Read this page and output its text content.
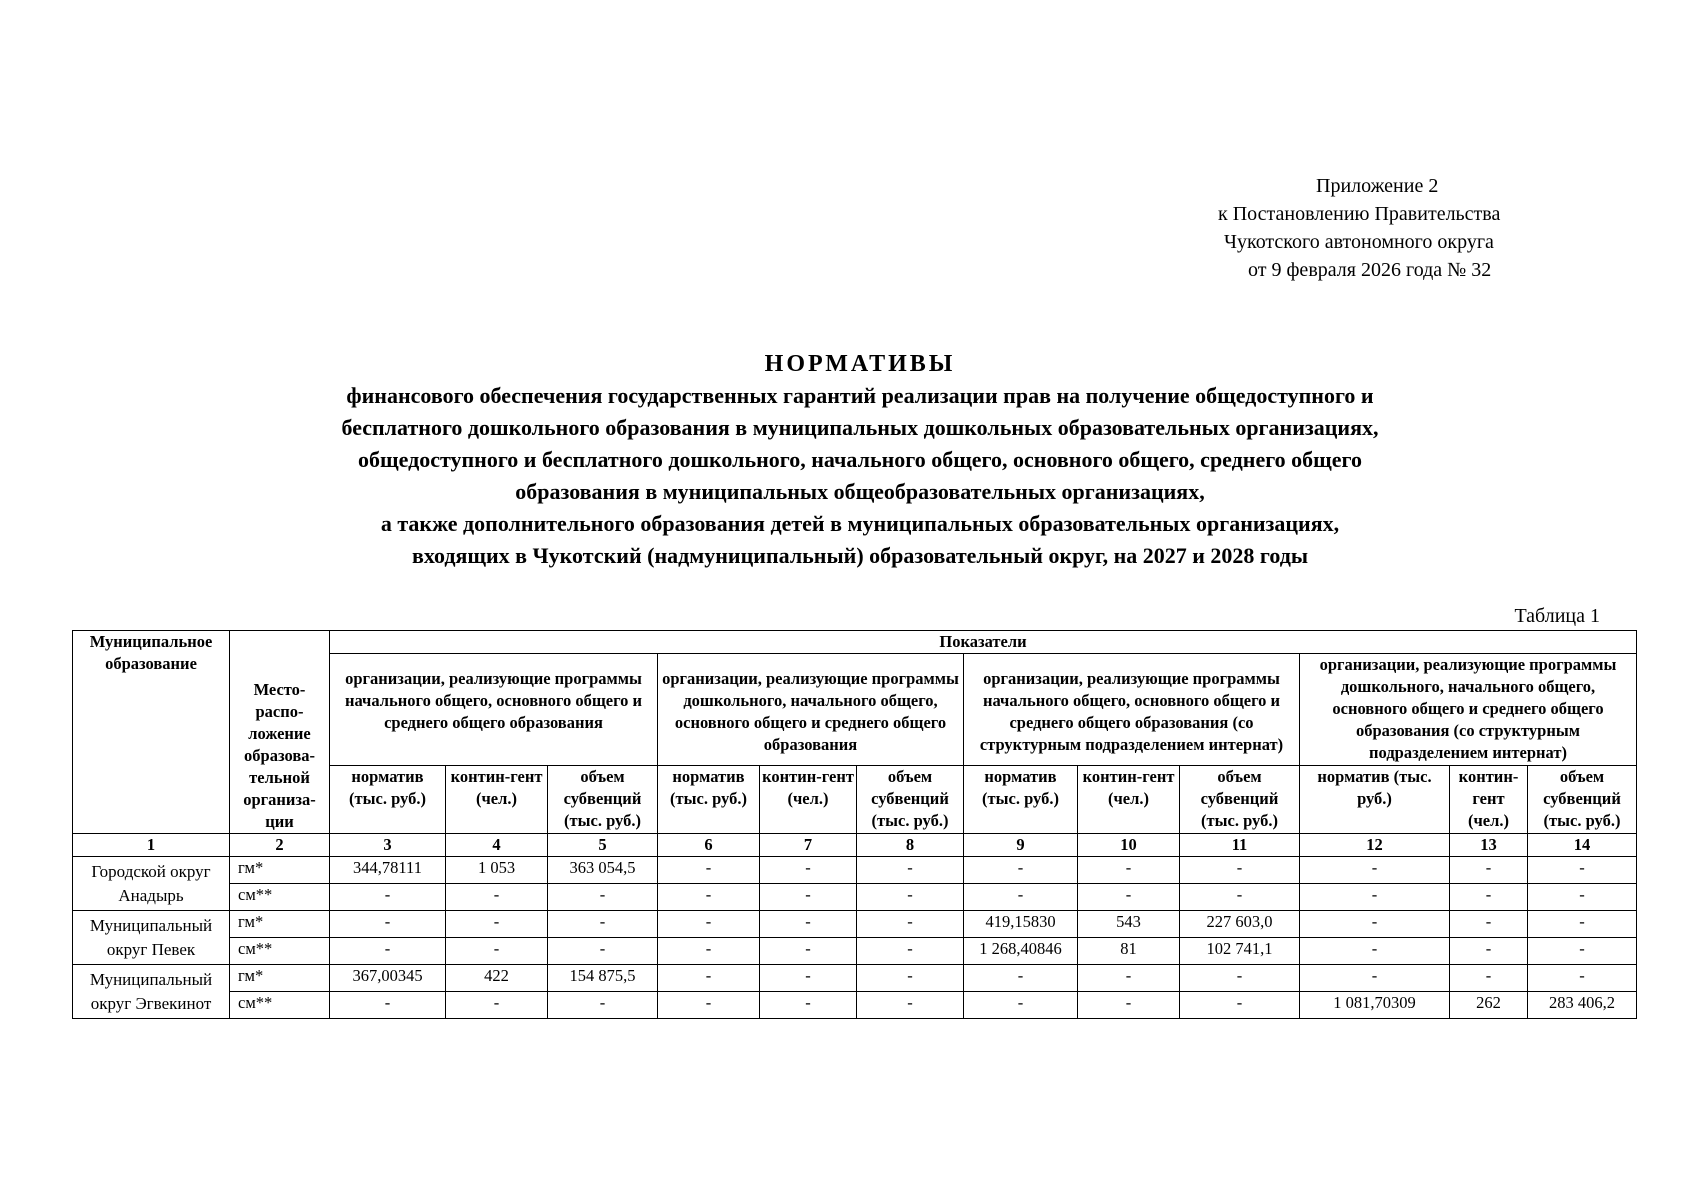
Приложение 2
к Постановлению Правительства
Чукотского автономного округа
от 9 февраля 2026 года № 32
НОРМАТИВЫ
финансового обеспечения государственных гарантий реализации прав на получение общедоступного и
бесплатного дошкольного образования в муниципальных дошкольных образовательных организациях,
общедоступного и бесплатного дошкольного, начального общего, основного общего, среднего общего
образования в муниципальных общеобразовательных организациях,
а также дополнительного образования детей в муниципальных образовательных организациях,
входящих в Чукотский (надмуниципальный) образовательный округ, на 2027 и 2028 годы
Таблица 1
Муниципальное образование	Место-распо-ложение образова-тельной организа-ции	Показатели											
		организации, реализующие программы начального общего, основного общего и среднего общего образования			организации, реализующие программы дошкольного, начального общего, основного общего и среднего общего образования			организации, реализующие программы начального общего, основного общего и среднего общего образования (со структурным подразделением интернат)			организации, реализующие программы дошкольного, начального общего, основного общего и среднего общего образования (со структурным подразделением интернат)		
		норматив (тыс. руб.)	контин-гент (чел.)	объем субвенций (тыс. руб.)	норматив (тыс. руб.)	контин-гент (чел.)	объем субвенций (тыс. руб.)	норматив (тыс. руб.)	контин-гент (чел.)	объем субвенций (тыс. руб.)	норматив (тыс. руб.)	контин-гент (чел.)	объем субвенций (тыс. руб.)
1	2	3	4	5	6	7	8	9	10	11	12	13	14
Городской округ Анадырь	гм*	344,78111	1 053	363 054,5	-	-	-	-	-	-	-	-	-
	см**	-	-	-	-	-	-	-	-	-	-	-	-
Муниципальный округ Певек	гм*	-	-	-	-	-	-	419,15830	543	227 603,0	-	-	-
	см**	-	-	-	-	-	-	1 268,40846	81	102 741,1	-	-	-
Муниципальный округ Эгвекинот	гм*	367,00345	422	154 875,5	-	-	-	-	-	-	-	-	-
	см**	-	-	-	-	-	-	-	-	-	1 081,70309	262	283 406,2
